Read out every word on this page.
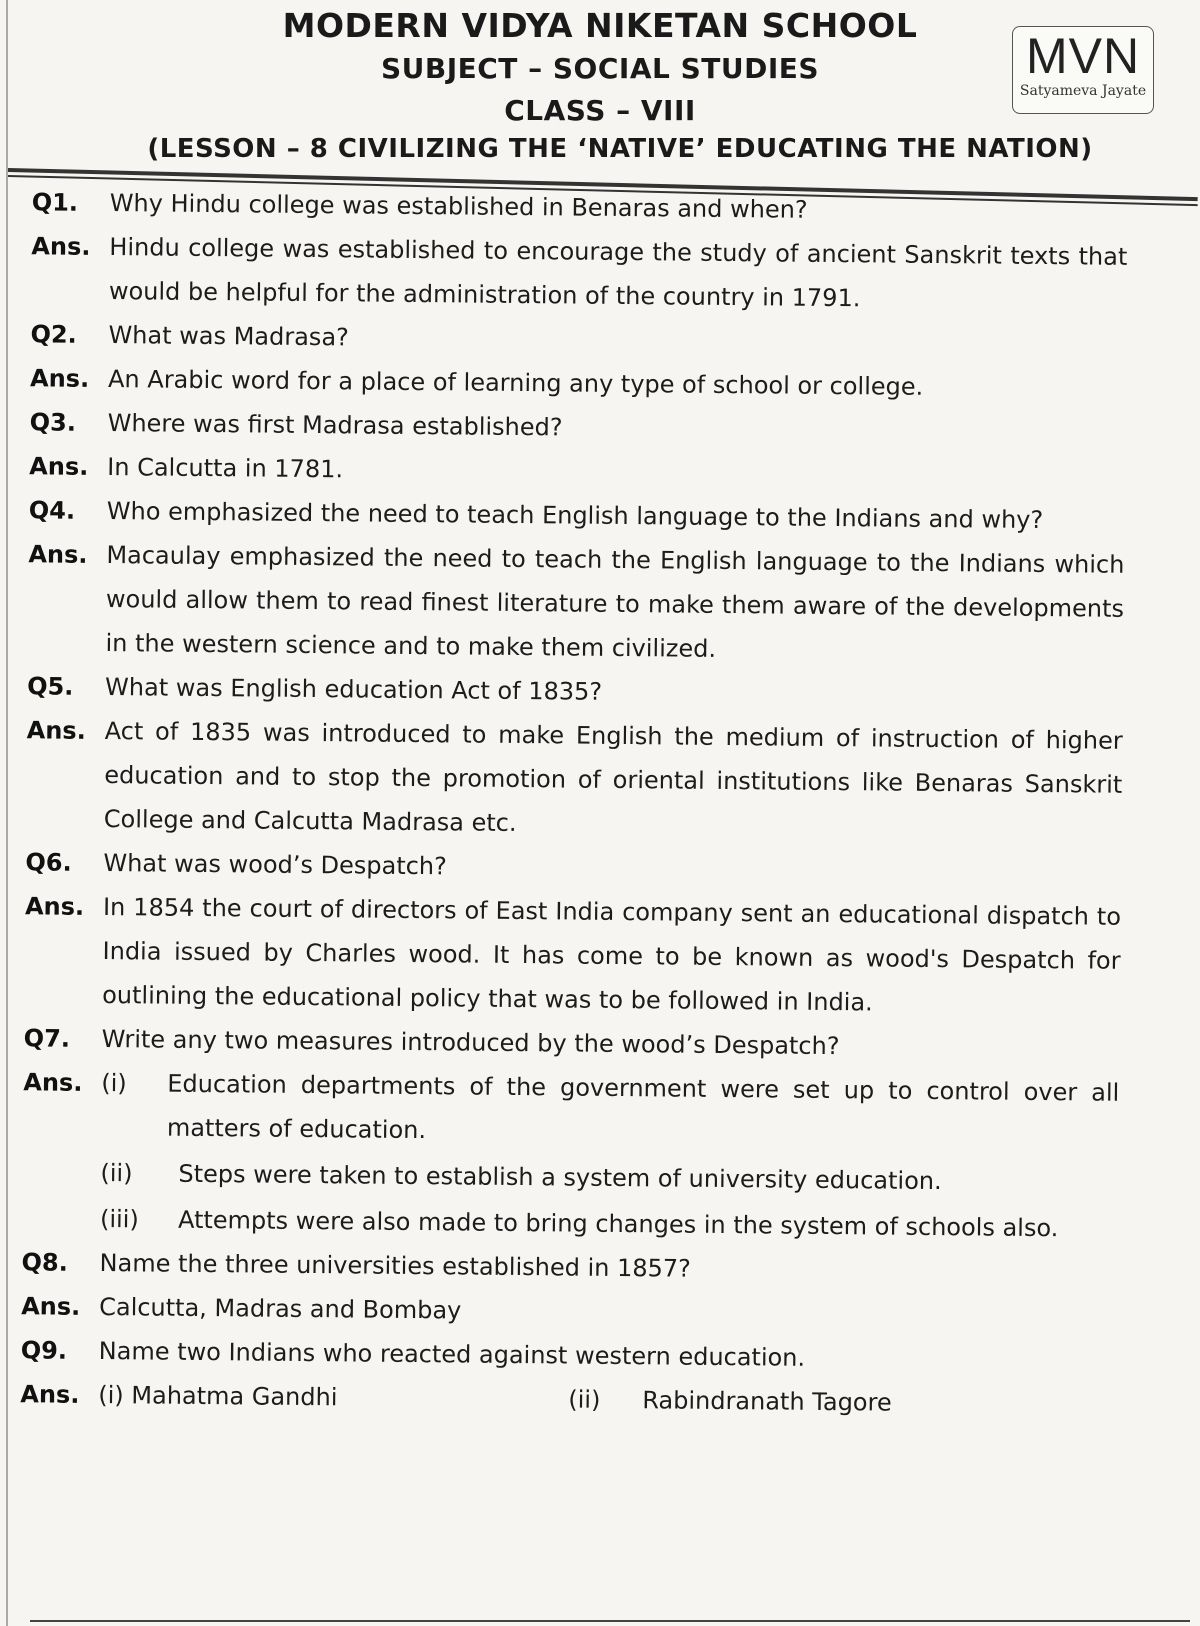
MODERN VIDYA NIKETAN SCHOOL
SUBJECT – SOCIAL STUDIES
CLASS – VIII
(LESSON – 8 CIVILIZING THE ‘NATIVE’ EDUCATING THE NATION)
MVN
Satyameva Jayate
Q1.	Why Hindu college was established in Benaras and when?
Ans. Hindu college was established to encourage the study of ancient Sanskrit texts that would be helpful for the administration of the country in 1791.
Q2.	What was Madrasa?
Ans. An Arabic word for a place of learning any type of school or college.
Q3.	Where was first Madrasa established?
Ans. In Calcutta in 1781.
Q4.	Who emphasized the need to teach English language to the Indians and why?
Ans. Macaulay emphasized the need to teach the English language to the Indians which would allow them to read finest literature to make them aware of the developments in the western science and to make them civilized.
Q5.	What was English education Act of 1835?
Ans. Act of 1835 was introduced to make English the medium of instruction of higher education and to stop the promotion of oriental institutions like Benaras Sanskrit College and Calcutta Madrasa etc.
Q6.	What was wood’s Despatch?
Ans. In 1854 the court of directors of East India company sent an educational dispatch to India issued by Charles wood. It has come to be known as wood's Despatch for outlining the educational policy that was to be followed in India.
Q7.	Write any two measures introduced by the wood’s Despatch?
Ans. (i)	Education departments of the government were set up to control over all matters of education.
(ii)	Steps were taken to establish a system of university education.
(iii)	Attempts were also made to bring changes in the system of schools also.
Q8.	Name the three universities established in 1857?
Ans. Calcutta, Madras and Bombay
Q9.	Name two Indians who reacted against western education.
Ans. (i) Mahatma Gandhi	(ii)	Rabindranath Tagore
